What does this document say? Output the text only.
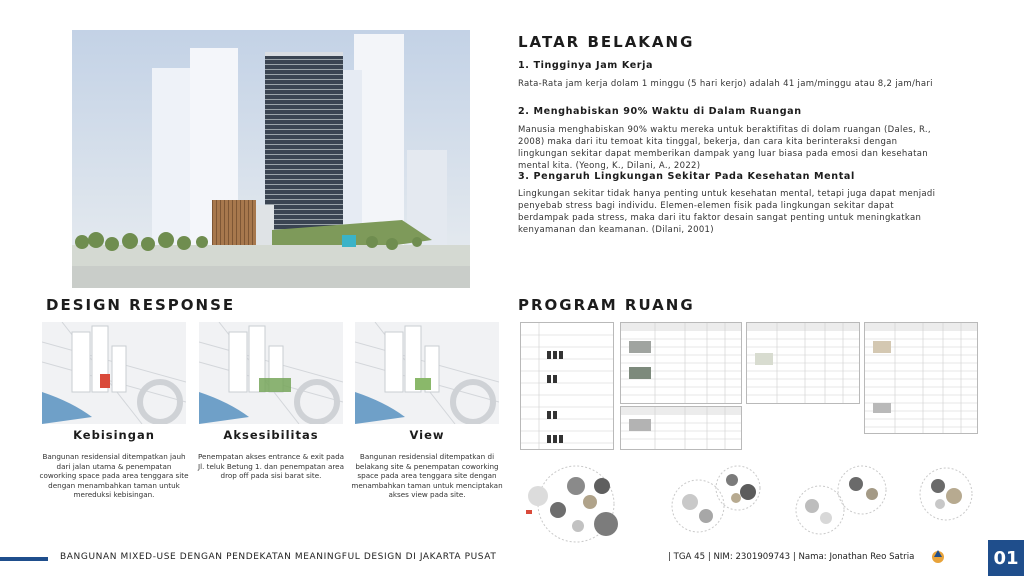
LATAR BELAKANG
1. Tingginya Jam Kerja
Rata-Rata jam kerja dolam 1 minggu (5 hari kerjo) adalah 41 jam/minggu atau 8,2 jam/hari
2. Menghabiskan 90% Waktu di Dalam Ruangan
Manusia menghabiskan 90% waktu mereka untuk beraktifitas di dolam ruangan (Dales, R., 2008) maka dari itu temoat kita tinggal, bekerja, dan cara kita berinteraksi dengan lingkungan sekitar dapat memberikan dampak yang luar biasa pada emosi dan kesehatan mental kita. (Yeong, K., Dilani, A., 2022)
3. Pengaruh Lingkungan Sekitar Pada Kesehatan Mental
Lingkungan sekitar tidak hanya penting untuk kesehatan mental, tetapi juga dapat menjadi penyebab stress bagi individu. Elemen-elemen fisik pada lingkungan sekitar dapat berdampak pada stress, maka dari itu faktor desain sangat penting untuk meningkatkan kenyamanan dan keamanan. (Dilani, 2001)
DESIGN RESPONSE
Kebisingan
Bangunan residensial ditempatkan jauh dari jalan utama & penempatan coworking space pada area tenggara site dengan menambahkan taman untuk mereduksi kebisingan.
Aksesibilitas
Penempatan akses entrance & exit pada Jl. teluk Betung 1. dan penempatan area drop off pada sisi barat site.
View
Bangunan residensial ditempatkan di belakang site & penempatan coworking space pada area tenggara site dengan menambahkan taman untuk menciptakan akses view pada site.
PROGRAM RUANG
BANGUNAN MIXED-USE DENGAN PENDEKATAN MEANINGFUL DESIGN DI JAKARTA PUSAT	| TGA 45 | NIM: 2301909743 | Nama: Jonathan Reo Satria	01
